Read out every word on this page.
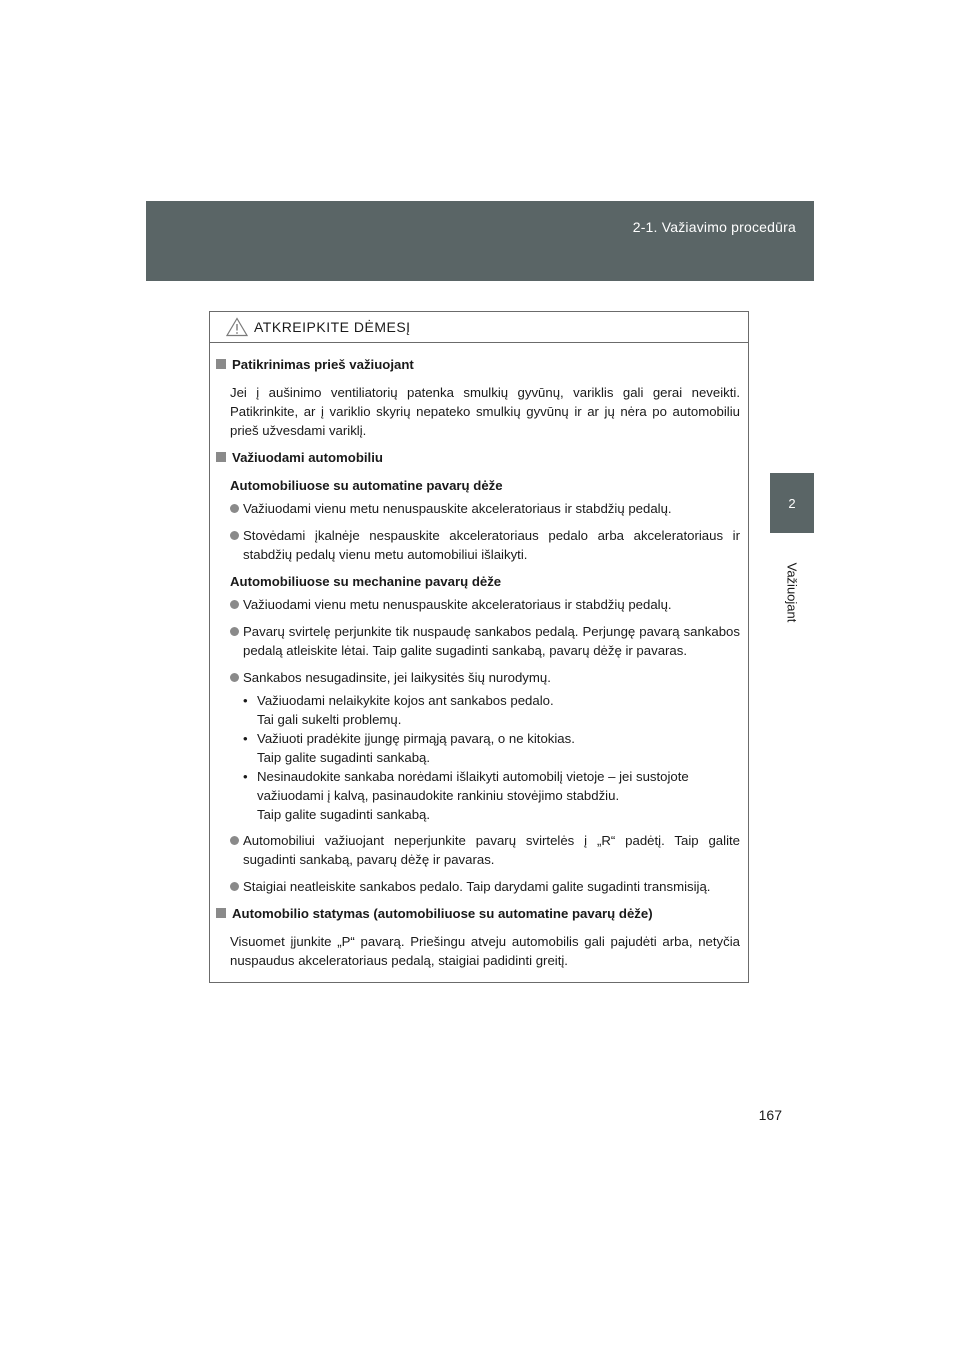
2-1. Važiavimo procedūra
2
Važiuojant
ATKREIPKITE DĖMESĮ
Patikrinimas prieš važiuojant
Jei į aušinimo ventiliatorių patenka smulkių gyvūnų, variklis gali gerai neveikti. Patikrinkite, ar į variklio skyrių nepateko smulkių gyvūnų ir ar jų nėra po automobiliu prieš užvesdami variklį.
Važiuodami automobiliu
Automobiliuose su automatine pavarų dėže
Važiuodami vienu metu nenuspauskite akceleratoriaus ir stabdžių pedalų.
Stovėdami įkalnėje nespauskite akceleratoriaus pedalo arba akceleratoriaus ir stabdžių pedalų vienu metu automobiliui išlaikyti.
Automobiliuose su mechanine pavarų dėže
Važiuodami vienu metu nenuspauskite akceleratoriaus ir stabdžių pedalų.
Pavarų svirtelę perjunkite tik nuspaudę sankabos pedalą. Perjungę pavarą sankabos pedalą atleiskite lėtai. Taip galite sugadinti sankabą, pavarų dėžę ir pavaras.
Sankabos nesugadinsite, jei laikysitės šių nurodymų.
• Važiuodami nelaikykite kojos ant sankabos pedalo.
Tai gali sukelti problemų.
• Važiuoti pradėkite įjungę pirmąją pavarą, o ne kitokias.
Taip galite sugadinti sankabą.
• Nesinaudokite sankaba norėdami išlaikyti automobilį vietoje – jei sustojote važiuodami į kalvą, pasinaudokite rankiniu stovėjimo stabdžiu.
Taip galite sugadinti sankabą.
Automobiliui važiuojant neperjunkite pavarų svirtelės į „R“ padėtį. Taip galite sugadinti sankabą, pavarų dėžę ir pavaras.
Staigiai neatleiskite sankabos pedalo. Taip darydami galite sugadinti transmisiją.
Automobilio statymas (automobiliuose su automatine pavarų dėže)
Visuomet įjunkite „P“ pavarą. Priešingu atveju automobilis gali pajudėti arba, netyčia nuspaudus akceleratoriaus pedalą, staigiai padidinti greitį.
167
